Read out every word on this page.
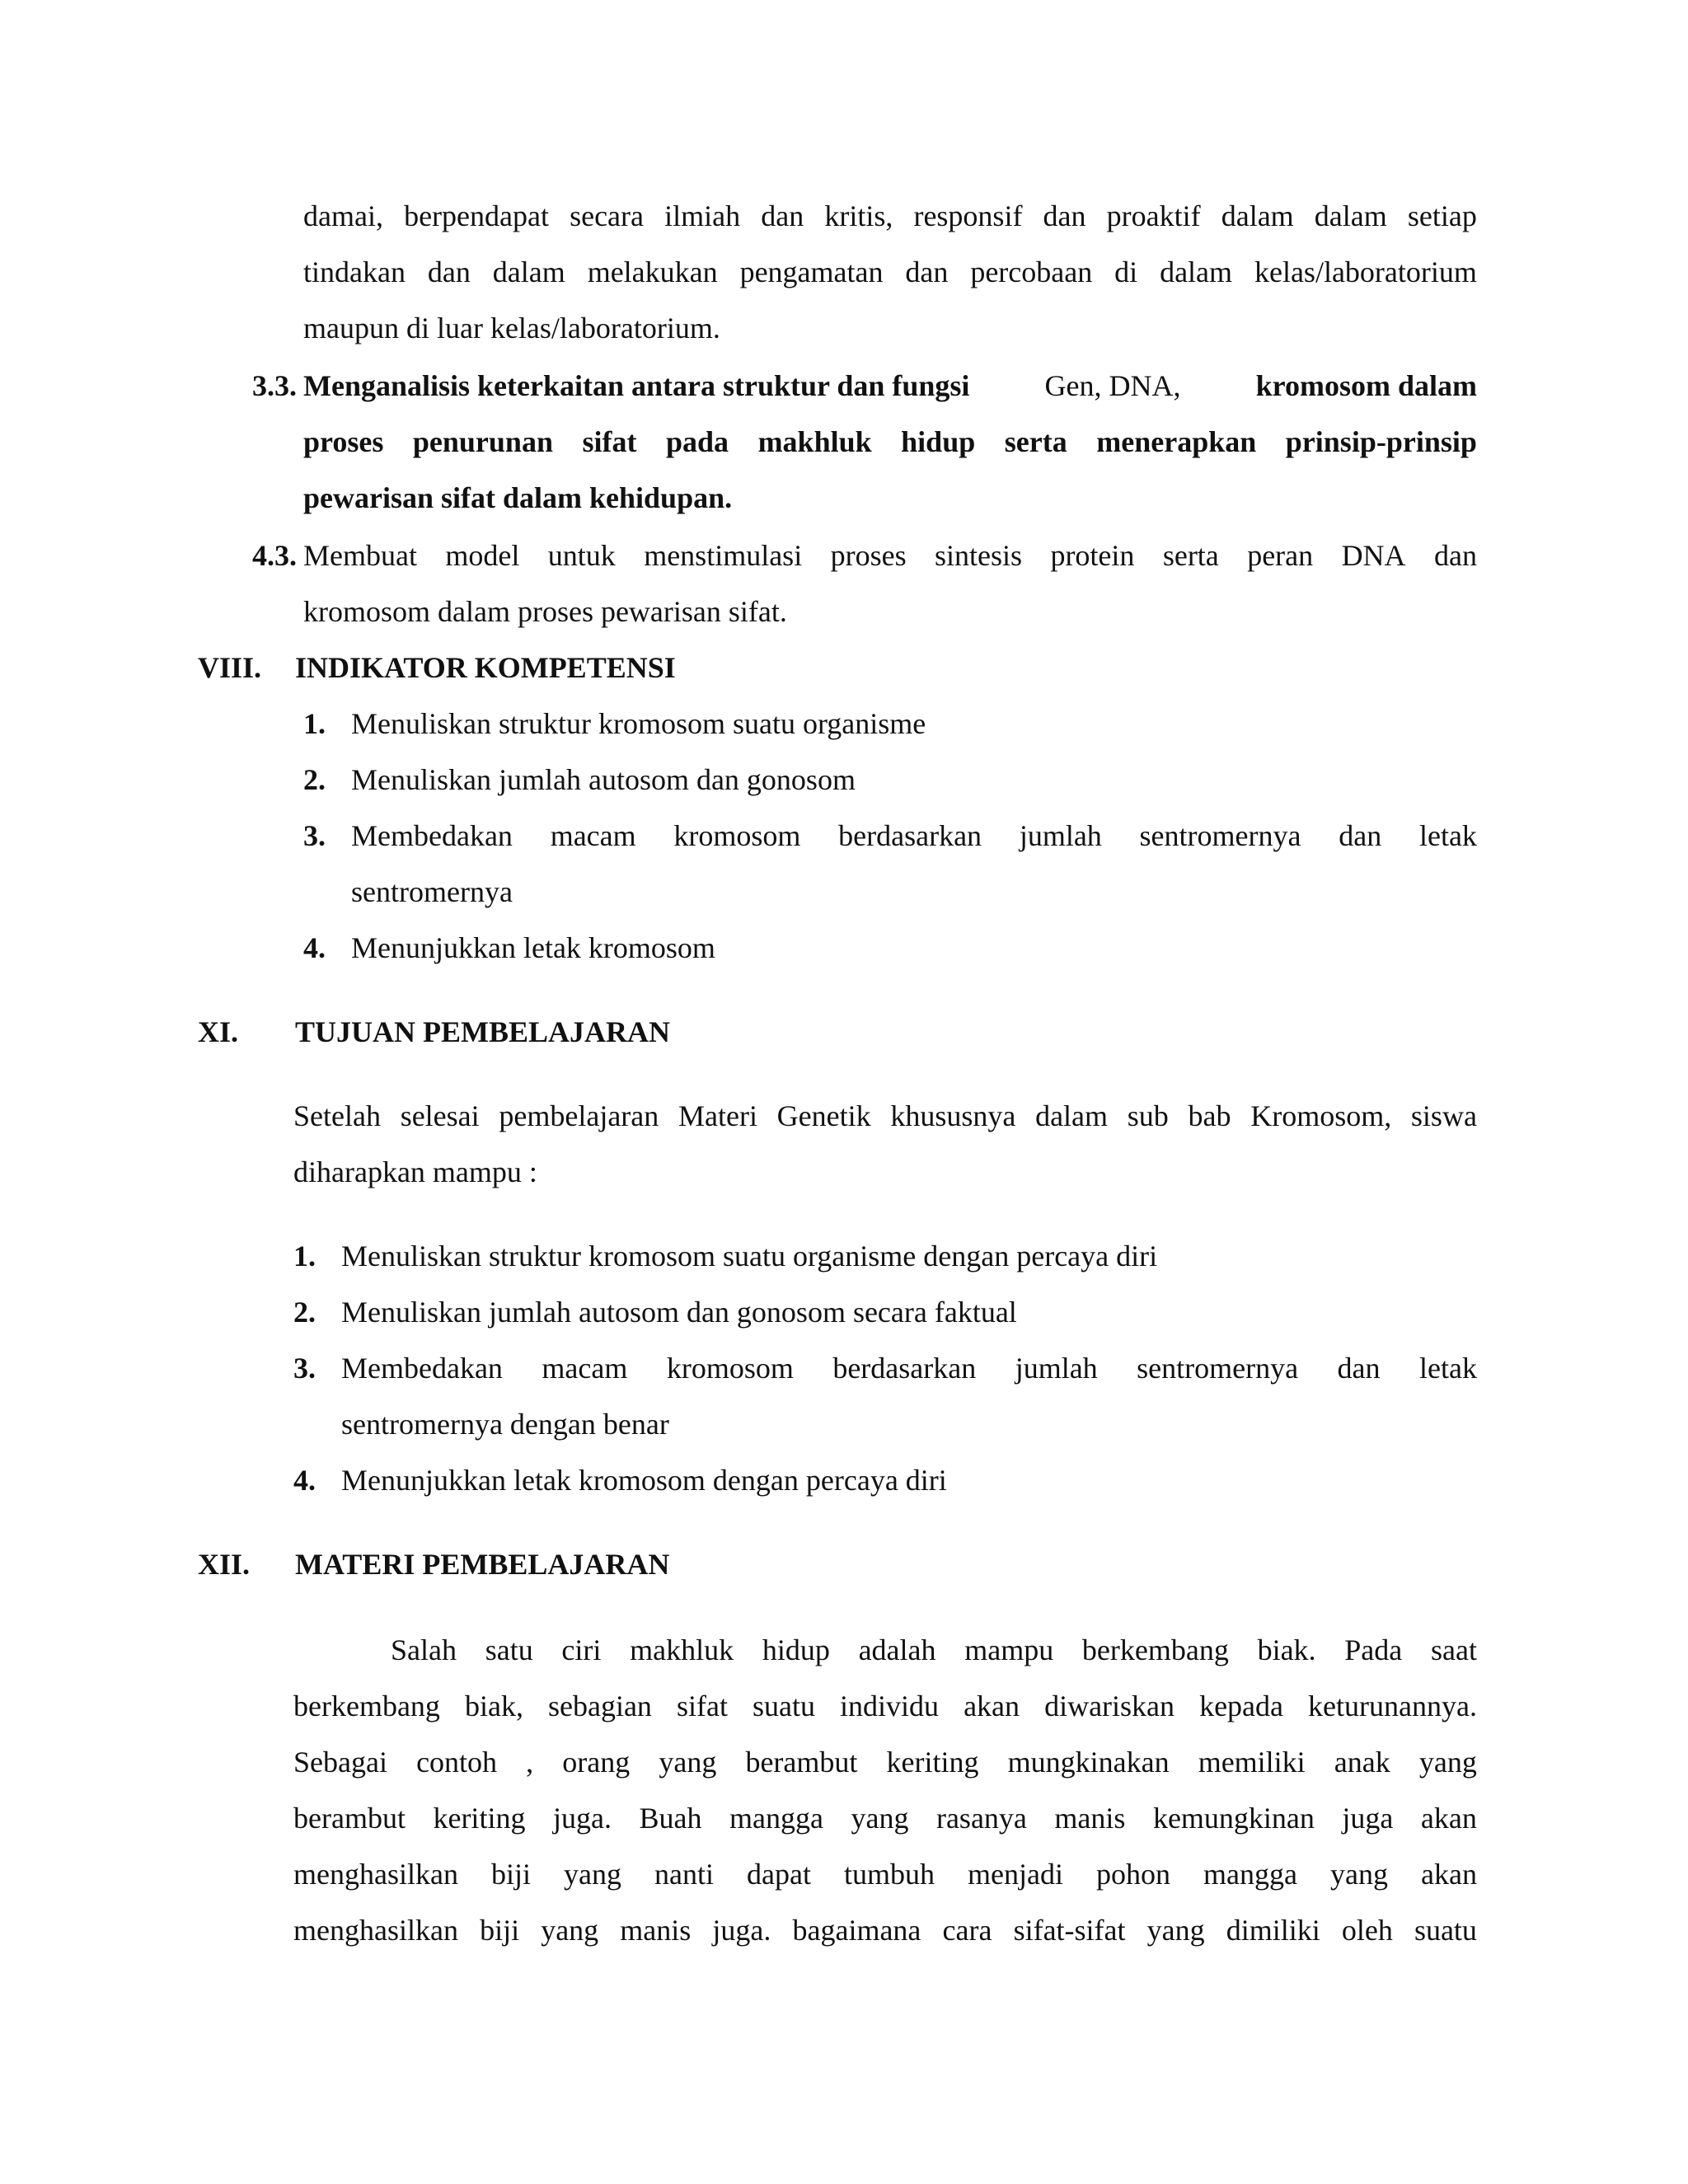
damai, berpendapat secara ilmiah dan kritis, responsif dan proaktif dalam dalam setiap
tindakan dan dalam melakukan pengamatan dan percobaan di dalam kelas/laboratorium
maupun di luar kelas/laboratorium.
3.3. Menganalisis keterkaitan antara struktur dan fungsi	Gen, DNA,	kromosom dalam
proses penurunan sifat pada makhluk hidup serta menerapkan prinsip-prinsip
pewarisan sifat dalam kehidupan.
4.3. Membuat model untuk menstimulasi proses sintesis protein serta peran DNA dan
kromosom dalam proses pewarisan sifat.
VIII. INDIKATOR KOMPETENSI
1. Menuliskan struktur kromosom suatu organisme
2. Menuliskan jumlah autosom dan gonosom
3. Membedakan macam kromosom berdasarkan jumlah sentromernya dan letak
sentromernya
4. Menunjukkan letak kromosom
XI. TUJUAN PEMBELAJARAN
Setelah selesai pembelajaran Materi Genetik khususnya dalam sub bab Kromosom, siswa
diharapkan mampu :
1. Menuliskan struktur kromosom suatu organisme dengan percaya diri
2. Menuliskan jumlah autosom dan gonosom secara faktual
3. Membedakan macam kromosom berdasarkan jumlah sentromernya dan letak
sentromernya dengan benar
4. Menunjukkan letak kromosom dengan percaya diri
XII. MATERI PEMBELAJARAN
Salah satu ciri makhluk hidup adalah mampu berkembang biak. Pada saat
berkembang biak, sebagian sifat suatu individu akan diwariskan kepada keturunannya.
Sebagai contoh , orang yang berambut keriting mungkinakan memiliki anak yang
berambut keriting juga. Buah mangga yang rasanya manis kemungkinan juga akan
menghasilkan biji yang nanti dapat tumbuh menjadi pohon mangga yang akan
menghasilkan biji yang manis juga. bagaimana cara sifat-sifat yang dimiliki oleh suatu
